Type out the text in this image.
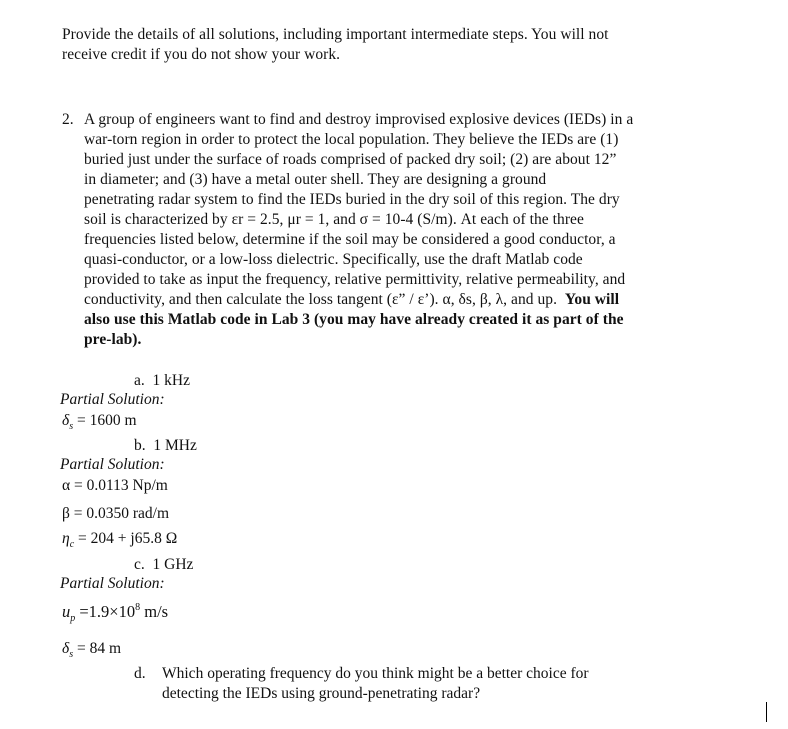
Provide the details of all solutions, including important intermediate steps. You will not
receive credit if you do not show your work.
2. A group of engineers want to find and destroy improvised explosive devices (IEDs) in a
war-torn region in order to protect the local population. They believe the IEDs are (1)
buried just under the surface of roads comprised of packed dry soil; (2) are about 12”
in diameter; and (3) have a metal outer shell. They are designing a ground
penetrating radar system to find the IEDs buried in the dry soil of this region. The dry
soil is characterized by εr = 2.5, μr = 1, and σ = 10-4 (S/m). At each of the three
frequencies listed below, determine if the soil may be considered a good conductor, a
quasi-conductor, or a low-loss dielectric. Specifically, use the draft Matlab code
provided to take as input the frequency, relative permittivity, relative permeability, and
conductivity, and then calculate the loss tangent (ε” / ε’). α, δs, β, λ, and up. You will
also use this Matlab code in Lab 3 (you may have already created it as part of the
pre-lab).
a. 1 kHz
Partial Solution:
$\delta_s = 1600$ m
b. 1 MHz
Partial Solution:
α = 0.0113 Np/m
β = 0.0350 rad/m
$\eta_c = 204 + j65.8$ Ω
c. 1 GHz
Partial Solution:
$u_p =1.9\times 10^8$ m/s
$\delta_s = 84$ m
d. Which operating frequency do you think might be a better choice for
detecting the IEDs using ground-penetrating radar?
